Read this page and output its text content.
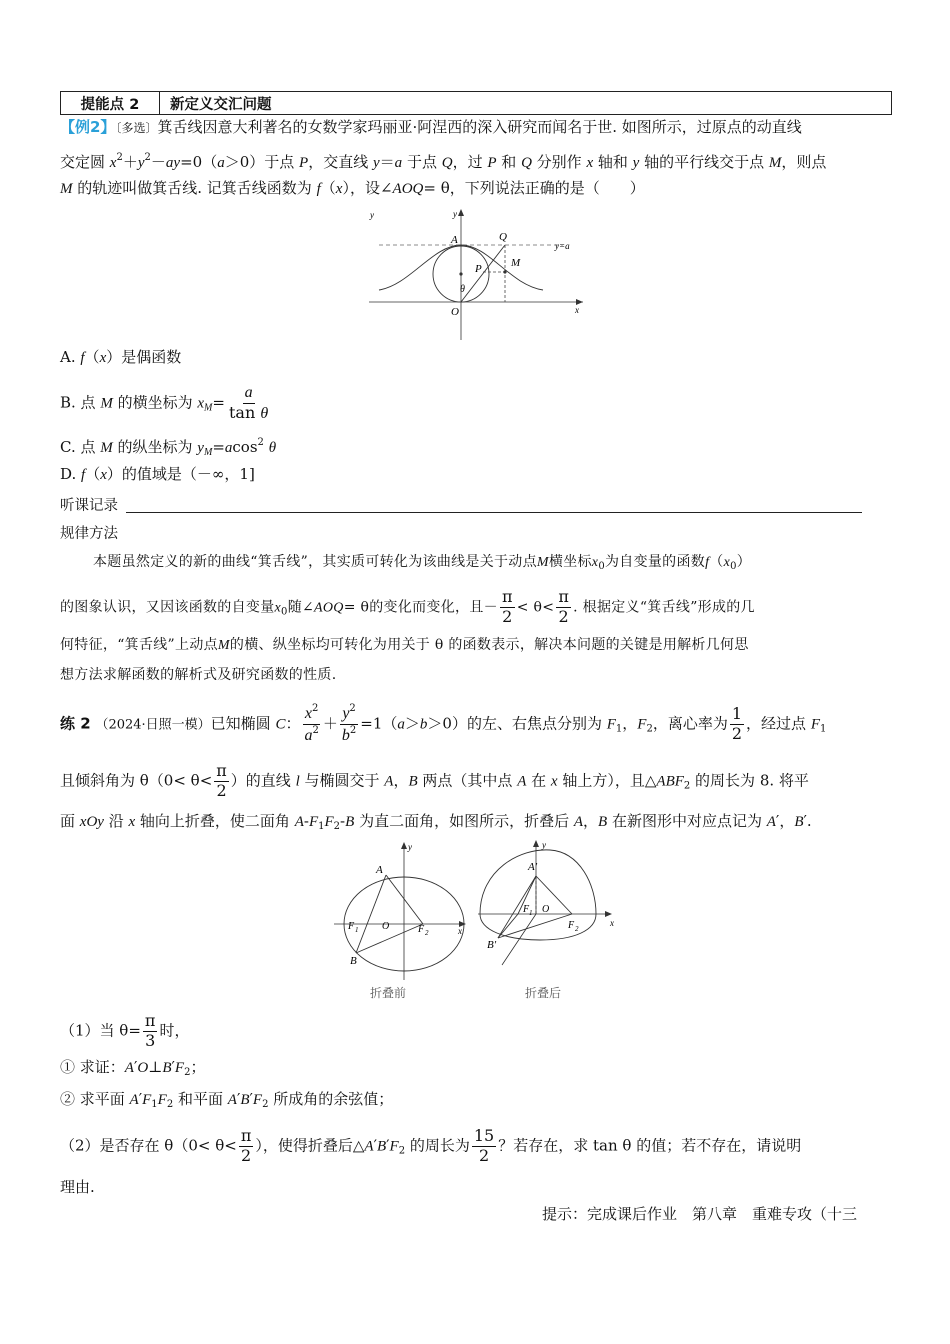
提能点 2	新定义交汇问题
【例2】〔多选〕箕舌线因意大利著名的女数学家玛丽亚·阿涅西的深入研究而闻名于世. 如图所示，过原点的动直线
交定圆 $x^2+y^2-ay=0(a>0)$于点 P，交直线 y＝a 于点 Q，过 P 和 Q 分别作 x 轴和 y 轴的平行线交于点 M，则点
M 的轨迹叫做箕舌线. 记箕舌线函数为 f（x），设∠AOQ= θ，下列说法正确的是（　　）
y	y
x
A	Q
P	M
O
θ
y=a
A. f（x）是偶函数
B. 点 M 的横坐标为 $x_M= \frac{a}{\text{tan θ}}$
C. 点 M 的纵坐标为 $y_M=acos^2$ θ
D. f（x）的值域是（－∞，1]
听课记录
规律方法
本题虽然定义的新的曲线“箕舌线”，其实质可转化为该曲线是关于动点M横坐标$x_0$为自变量的函数$f(x_0)$
的图象认识，又因该函数的自变量$x_0$随∠AOQ= θ的变化而变化，且－ $\frac{\pi}{2} < \theta< \frac{\pi}{2}$ . 根据定义“箕舌线”形成的几
何特征，“箕舌线”上动点M的横、纵坐标均可转化为用关于 θ 的函数表示，解决本问题的关键是用解析几何思
想方法求解函数的解析式及研究函数的性质.
练 2 （2024·日照一模）已知椭圆 C： $\frac{x^2}{a^2} + \frac{y^2}{b^2} =1(a>b>0)$的左、右焦点分别为 $F_1$，$F_2$，离心率为 $\frac{1}{2}$ ，经过点 $F_1$
且倾斜角为 $\theta(0< \theta< \frac{\pi}{2}$ ）的直线 l 与椭圆交于 A，B 两点（其中点 A 在 x 轴上方），且$\triangle ABF_2$ 的周长为 8. 将平
面 xOy 沿 x 轴向上折叠，使二面角 $A-F_1F_2-B$ 为直二面角，如图所示，折叠后 A，B 在新图形中对应点记为 A′，B′.
A
F 1 O	F 2
B
x
y
A′
F 1 O
F 2
B′
x
y
折叠前	折叠后
（1）当 $\theta= \frac{\pi}{3}$ 时，
① 求证：$A'O\perp B'F_2$；
② 求平面 $A'F_1F_2$ 和平面 $A'B'F_2$ 所成角的余弦值；
（2）是否存在 $\theta(0< \theta< \frac{\pi}{2}$ ），使得折叠后$\triangle A'B'F_2$ 的周长为 $\frac{15}{2}$ ？若存在，求 tan θ 的值；若不存在，请说明
理由.
提示：完成课后作业　第八章　重难专攻（十三
